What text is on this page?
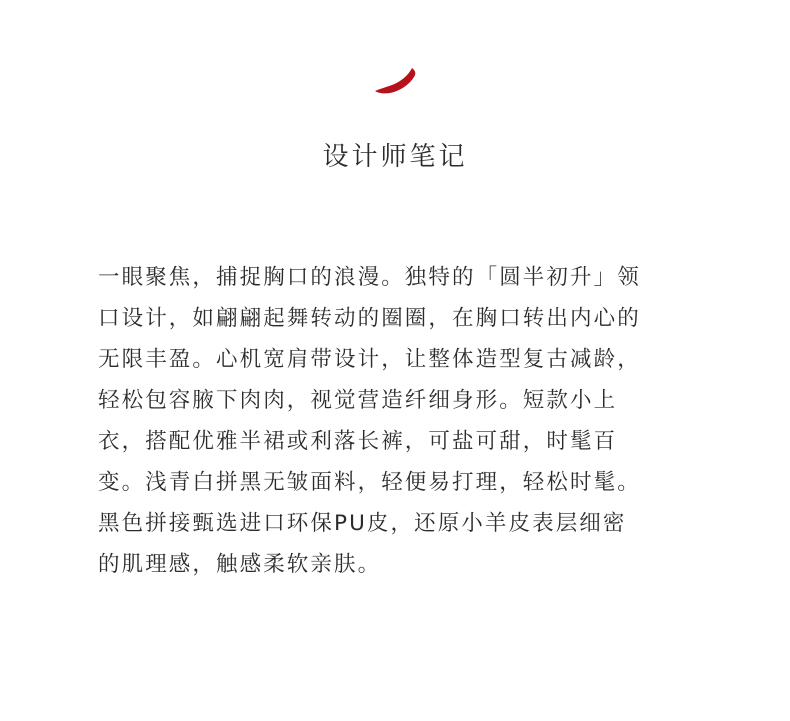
设计师笔记
一眼聚焦，捕捉胸口的浪漫。独特的「圆半初升」领
口设计，如翩翩起舞转动的圈圈，在胸口转出内心的
无限丰盈。心机宽肩带设计，让整体造型复古减龄，
轻松包容腋下肉肉，视觉营造纤细身形。短款小上
衣，搭配优雅半裙或利落长裤，可盐可甜，时髦百
变。浅青白拼黑无皱面料，轻便易打理，轻松时髦。
黑色拼接甄选进口环保PU皮，还原小羊皮表层细密
的肌理感，触感柔软亲肤。
